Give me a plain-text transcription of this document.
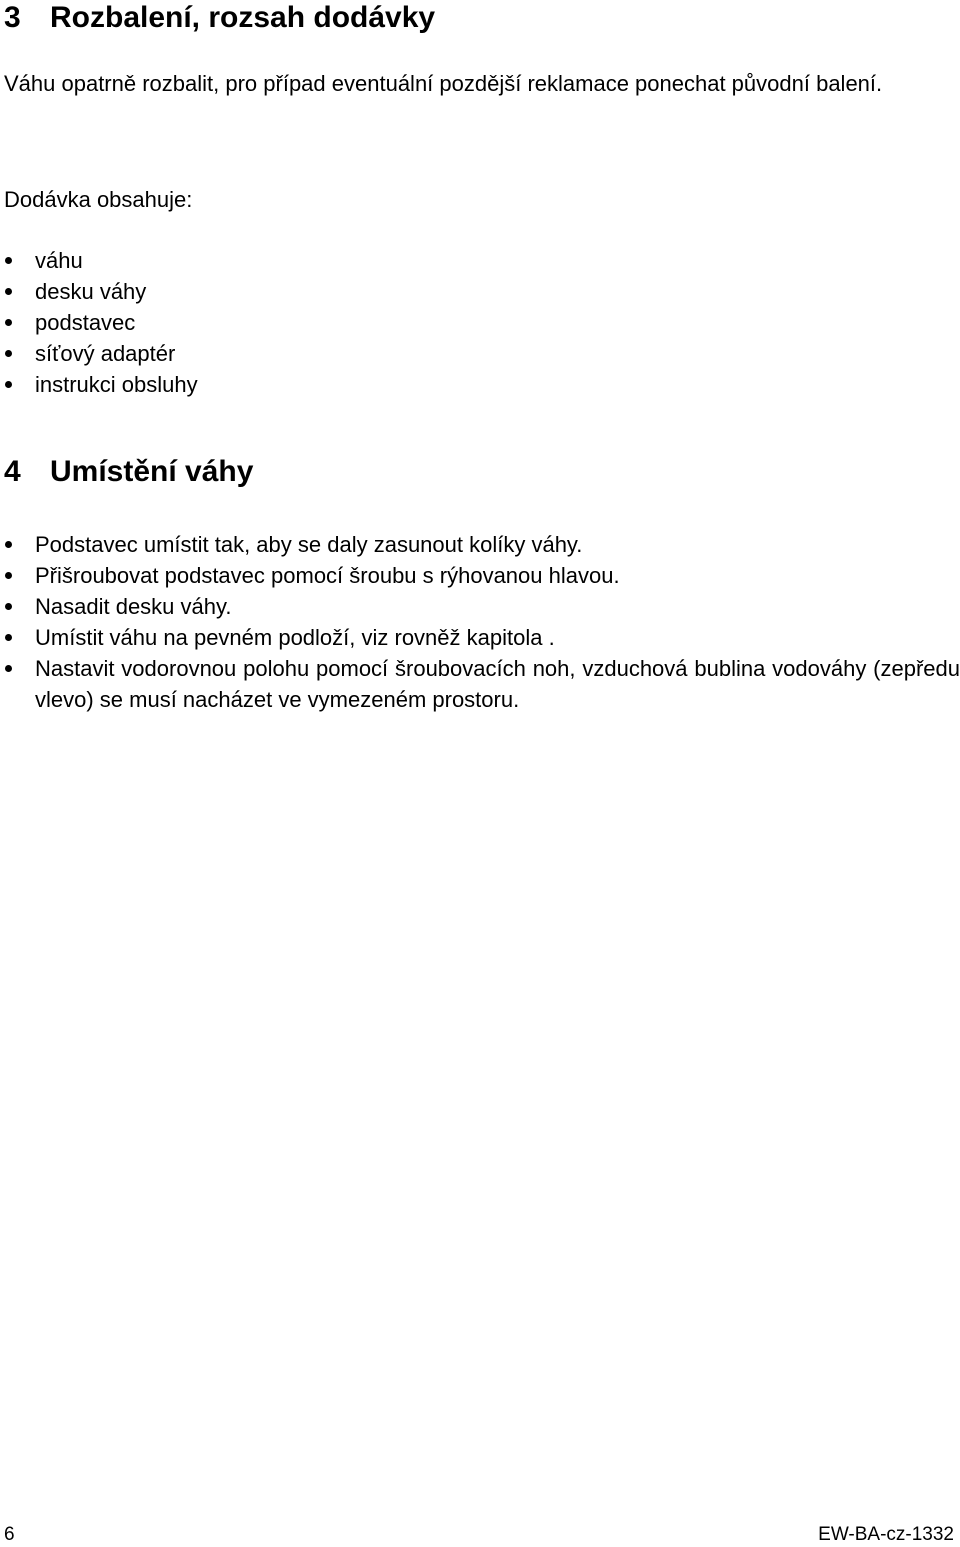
3 Rozbalení, rozsah dodávky

Váhu opatrně rozbalit, pro případ eventuální pozdější reklamace ponechat původní balení.

Dodávka obsahuje:

váhu
desku váhy
podstavec
síťový adaptér
instrukci obsluhy
4 Umístění váhy
Podstavec umístit tak, aby se daly zasunout kolíky váhy.
Přišroubovat podstavec pomocí šroubu s rýhovanou hlavou.
Nasadit desku váhy.
Umístit váhu na pevném podloží, viz rovněž kapitola .
Nastavit vodorovnou polohu pomocí šroubovacích noh, vzduchová bublina vodováhy (zepředu vlevo) se musí nacházet ve vymezeném prostoru.
6	EW-BA-cz-1332
